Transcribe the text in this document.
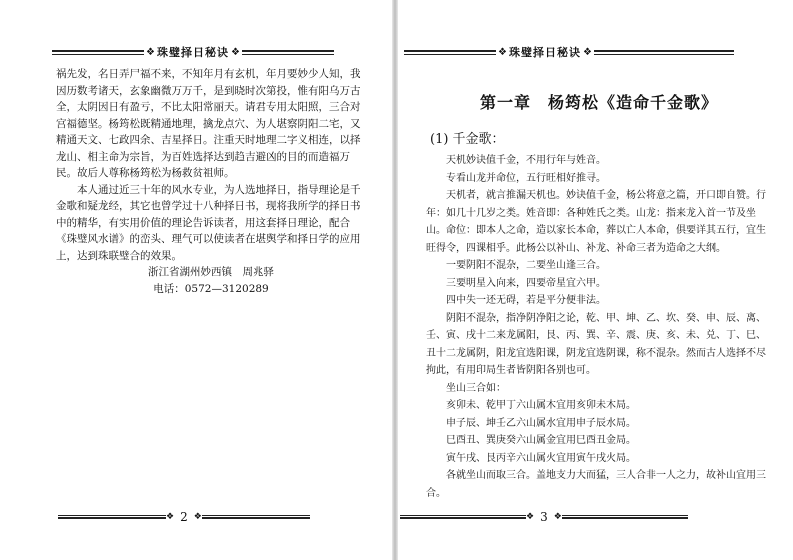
❖ 珠璧择日秘诀 ❖

祸先发，名日弄尸福不来，不知年月有玄机，年月要妙少人知，我因历数考诸天，玄象幽微万万千，是到晓时次第投，惟有阳乌万古全，太阴因日有盈亏，不比太阳常丽天。请君专用太阳照，三合对宫福德坚。杨筠松既精通地理，擒龙点穴、为人堪察阴阳二宅，又精通天文、七政四余、吉星择日。注重天时地理二字义相连，以择龙山、相主命为宗旨，为百姓选择达到趋吉避凶的目的而造福万民。故后人尊称杨筠松为杨救贫祖师。

本人通过近三十年的风水专业，为人选地择日，指导理论是千金歌和疑龙经，其它也曾学过十八种择日书，现将我所学的择日书中的精华，有实用价值的理论告诉读者，用这套择日理论，配合《珠璧风水谱》的峦头、理气可以使读者在堪舆学和择日学的应用上，达到珠联璧合的效果。

浙江省湖州妙西镇　周兆驿

电话：0572—3120289

❖ 2 ❖
❖ 珠璧择日秘诀 ❖
第一章　杨筠松《造命千金歌》
(1) 千金歌：

天机妙诀值千金，不用行年与姓音。

专看山龙并命位，五行旺相好推寻。

天机者，就言推漏天机也。妙诀值千金，杨公将意之篇，开口即自赞。行年：如几十几岁之类。姓音即：各种姓氏之类。山龙：指来龙入首一节及坐山。命位：即本人之命，造以家长本命，葬以亡人本命，俱要详其五行，宜生旺得令，四课相乎。此杨公以补山、补龙、补命三者为造命之大纲。

一要阴阳不混杂，二要坐山逢三合。

三要明星入向来，四要帝星宜六甲。

四中失一还无碍，若是平分便非法。

阴阳不混杂，指净阴净阳之论，乾、甲、坤、乙、坎、癸、申、辰、离、壬、寅、戌十二来龙属阳，艮、丙、巽、辛、震、庚、亥、未、兑、丁、巳、丑十二龙属阴，阳龙宜选阳课，阴龙宜选阴课，称不混杂。然而古人选择不尽拘此，有用印局生者皆阴阳各别也可。

坐山三合如：

亥卯未、乾甲丁六山属木宜用亥卯未木局。

申子辰、坤壬乙六山属水宜用申子辰水局。

巳酉丑、巽庚癸六山属金宜用巳酉丑金局。

寅午戌、艮丙辛六山属火宜用寅午戌火局。

各就坐山而取三合。盖地支力大而猛，三人合非一人之力，故补山宜用三合。

❖ 3 ❖
